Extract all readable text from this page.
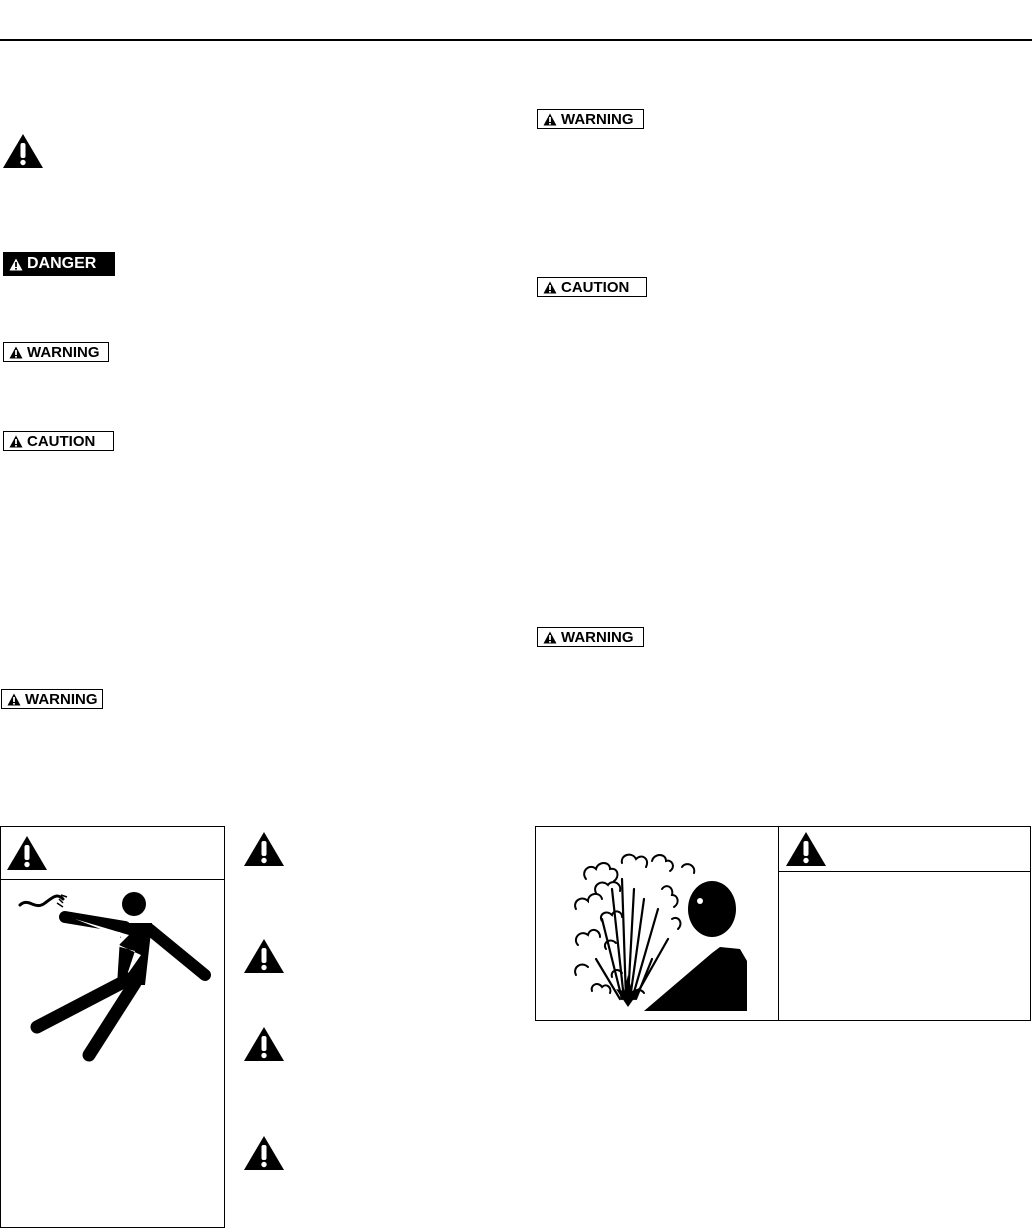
DANGER
WARNING
CAUTION
WARNING
WARNING
CAUTION
WARNING
